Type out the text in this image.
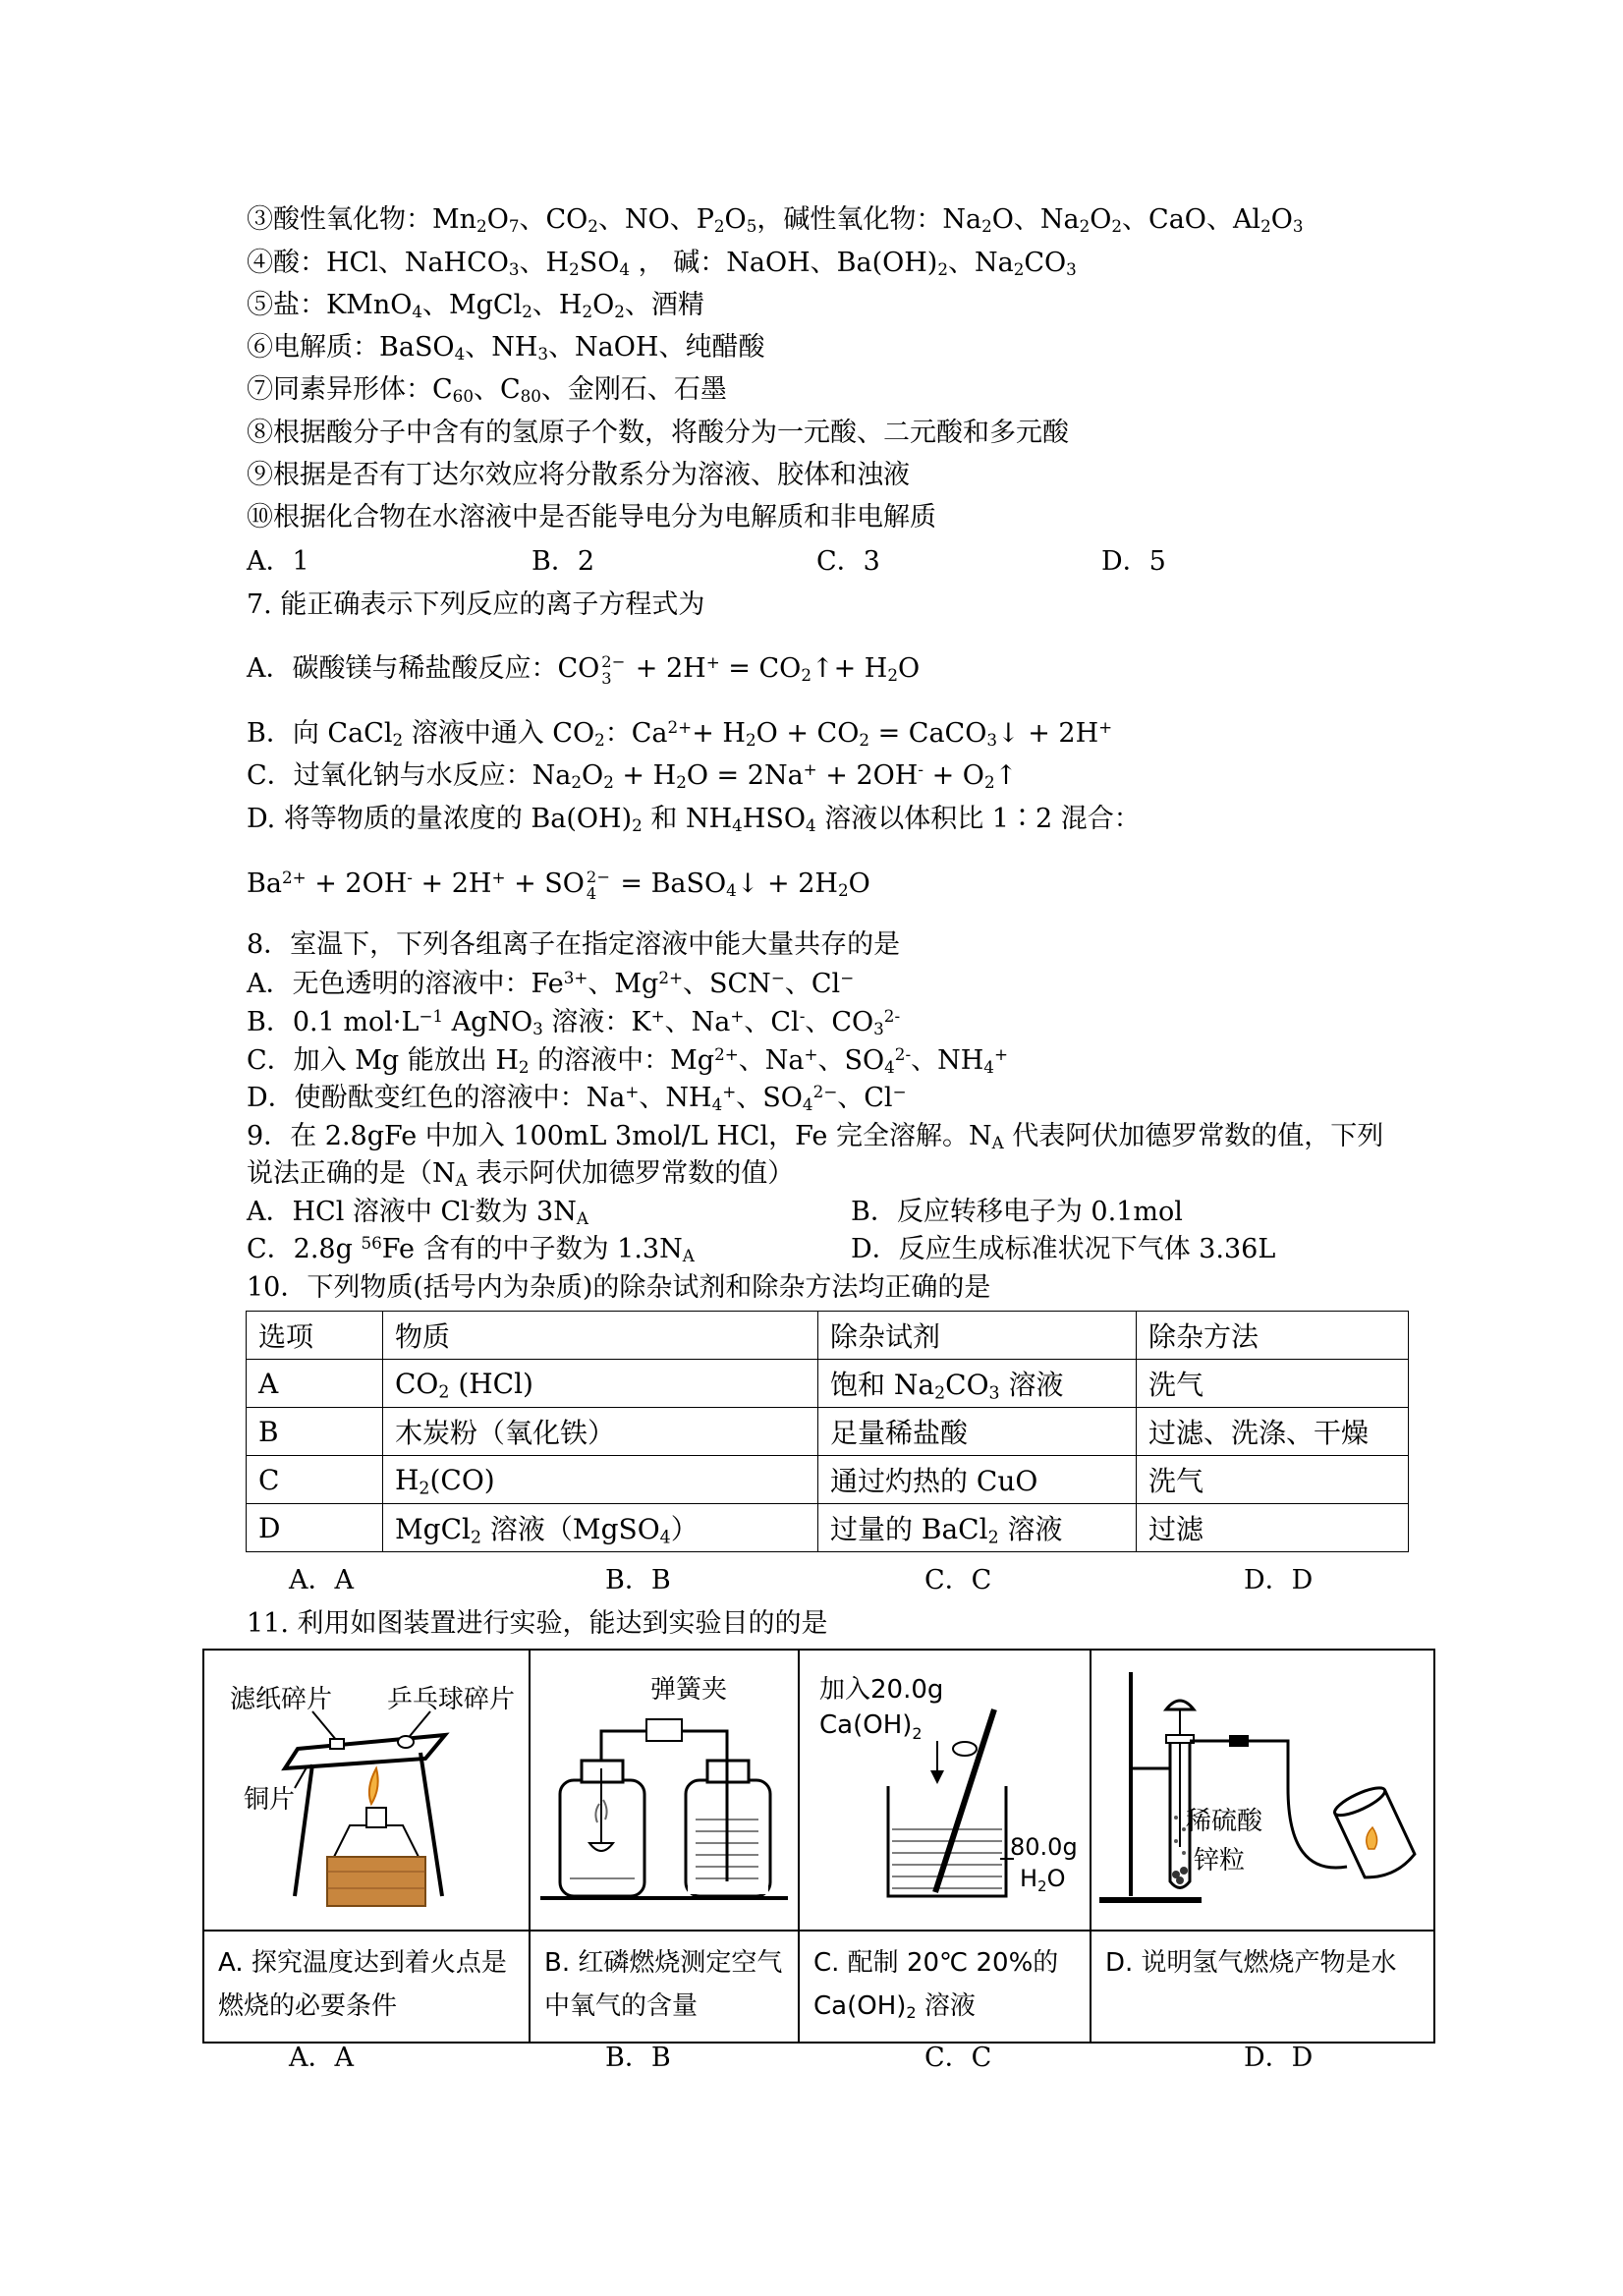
③酸性氧化物：$Mn_2O_7$、$CO_2$、NO、$P_2O_5$，碱性氧化物：$Na_2O$、$Na_2O_2$、CaO、$Al_2O_3$
④酸：HCl、NaHCO$_3$、$H_2SO_4$ ， 碱：NaOH、$Ba(OH)_2$、$Na_2CO_3$
⑤盐：KMnO$_4$、MgCl$_2$、$H_2O_2$、酒精
⑥电解质：BaSO$_4$、$NH_3$、NaOH、纯醋酸
⑦同素异形体：$C_{60}$、$C_{80}$、金刚石、石墨
⑧根据酸分子中含有的氢原子个数，将酸分为一元酸、二元酸和多元酸
⑨根据是否有丁达尔效应将分散系分为溶液、胶体和浊液
⑩根据化合物在水溶液中是否能导电分为电解质和非电解质
A．1	B．2	C．3	D．5
7. 能正确表示下列反应的离子方程式为
A．碳酸镁与稀盐酸反应：CO 2−
$3 + 2H^+ = CO_2↑+ H_2O$
B．向 CaCl$_2$ 溶液中通入 $CO_2$：$Ca^{2+}+ H_2O + CO_2$ = CaCO$_3$↓ + 2H+
C．过氧化钠与水反应：$Na_2O_2 + H_2O = 2Na^+ + 2OH^-$ + $O_2↑$
D. 将等物质的量浓度的 $Ba(OH)_2$ 和 $NH_4HSO_4$ 溶液以体积比 1∶2 混合：
$Ba^{2+} + 2OH^- + 2H^+$ + SO 2−
4 = BaSO$_4$↓ + $2H_2O$
8．室温下，下列各组离子在指定溶液中能大量共存的是
A．无色透明的溶液中：$Fe^{3+}$、$Mg^{2+}$、SCN−、Cl−
B．0.1 $mol\cdot L^{-1}$ AgNO$_3$ 溶液：K+、Na+、Cl-、$CO_3^{2-}$
C．加入 Mg 能放出 $H_2$ 的溶液中：$Mg^{2+}$、Na+、$SO_4^{2-}$、$NH_4^+$
D．使酚酞变红色的溶液中：Na+、$NH_4^+$、$SO_4^{2-}$、Cl−
9．在 2.8gFe 中加入 100mL 3mol/L HCl，Fe 完全溶解。$N_A$ 代表阿伏加德罗常数的值，下列
说法正确的是（$N_A$ 表示阿伏加德罗常数的值）
A．HCl 溶液中 Cl-数为 $3N_A$	B．反应转移电子为 0.1mol
C．2.8g $^{56}$Fe 含有的中子数为 $1.3N_A$	D．反应生成标准状况下气体 3.36L
10．下列物质(括号内为杂质)的除杂试剂和除杂方法均正确的是
选项	物质	除杂试剂	除杂方法
A	$CO_2$ (HCl)	饱和 $Na_2CO_3$ 溶液	洗气
B	木炭粉（氧化铁）	足量稀盐酸	过滤、洗涤、干燥
C	$H_2(CO)$	通过灼热的 CuO	洗气
D	MgCl$_2$ 溶液（MgSO$_4$）	过量的 BaCl$_2$ 溶液	过滤
A．A	B．B	C．C	D．D
11. 利用如图装置进行实验，能达到实验目的的是
滤纸碎片 乒乓球碎片
铜片	弹簧夹	加入20.0g
$Ca(OH)_2$
80.0g
$H_2O$	稀硫酸
锌粒

A. 探究温度达到着火点是燃烧的必要条件	B. 红磷燃烧测定空气中氧气的含量	C. 配制 20℃ 20%的 $Ca(OH)_2$ 溶液	D. 说明氢气燃烧产物是水
A．A	B．B	C．C	D．D
